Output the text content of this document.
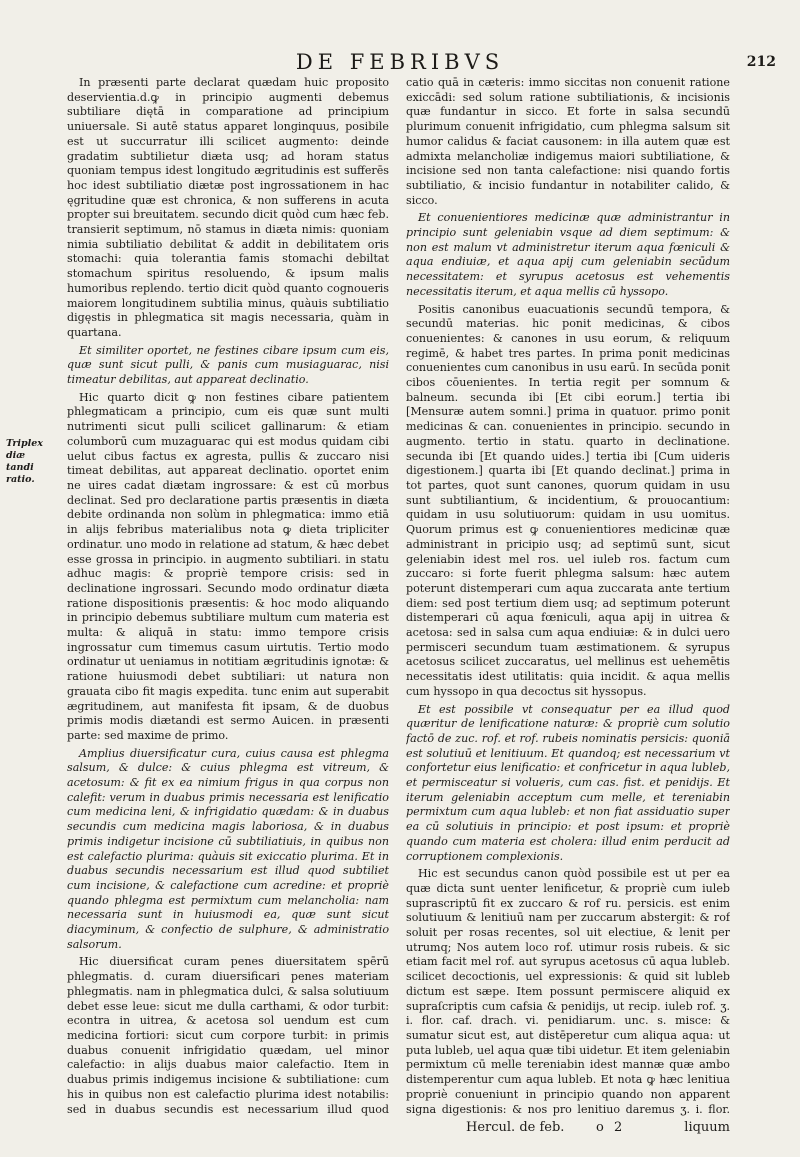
DE FEBRIBVS	212
Triplex diæ tandi ratio.

In præsenti parte declarat quædam huic proposito deservientia.d.ꝙ in principio augmenti debemus subtiliare diętā in comparatione ad principium uniuersale. Si autē status apparet longinquus, posibile est ut succurratur illi scilicet augmento: deinde gradatim subtilietur diæta usq; ad horam status quoniam tempus idest longitudo ægritudinis est sufferēs hoc idest subtiliatio diætæ post ingrossationem in hac ęgritudine quæ est chronica, & non sufferens in acuta propter sui breuitatem. secundo dicit quòd cum hæc feb. transierit septimum, nō stamus in diæta nimis: quoniam nimia subtiliatio debilitat & addit in debilitatem oris stomachi: quia tolerantia famis stomachi debiltat stomachum spiritus resoluendo, & ipsum malis humoribus replendo. tertio dicit quòd quanto cognoueris maiorem longitudinem subtilia minus, quàuis subtiliatio digęstis in phlegmatica sit magis necessaria, quàm in quartana.

Et similiter oportet, ne festines cibare ipsum cum eis, quæ sunt sicut pulli, & panis cum musiaguarac, nisi timeatur debilitas, aut appareat declinatio.

Hic quarto dicit ꝙ non festines cibare patientem phlegmaticam a principio, cum eis quæ sunt multi nutrimenti sicut pulli scilicet gallinarum: & etiam columborū cum muzaguarac qui est modus quidam cibi uelut cibus factus ex agresta, pullis & zuccaro nisi timeat debilitas, aut appareat declinatio. oportet enim ne uires cadat diætam ingrossare: & est cū morbus declinat. Sed pro declaratione partis præsentis in diæta debite ordinanda non solùm in phlegmatica: immo etiā in alijs febribus materialibus nota ꝙ dieta tripliciter ordinatur. uno modo in relatione ad statum, & hæc debet esse grossa in principio. in augmento subtiliari. in statu adhuc magis: & propriè tempore crisis: sed in declinatione ingrossari. Secundo modo ordinatur diæta ratione dispositionis præsentis: & hoc modo aliquando in principio debemus subtiliare multum cum materia est multa: & aliquā in statu: immo tempore crisis ingrossatur cum timemus casum uirtutis. Tertio modo ordinatur ut ueniamus in notitiam ægritudinis ignotæ: & ratione huiusmodi debet subtiliari: ut natura non grauata cibo fit magis expedita. tunc enim aut superabit ægritudinem, aut manifesta fit ipsam, & de duobus primis modis diætandi est sermo Auicen. in præsenti parte: sed maxime de primo.

Amplius diuersificatur cura, cuius causa est phlegma salsum, & dulce: & cuius phlegma est vitreum, & acetosum: & fit ex ea nimium frigus in qua corpus non calefit: verum in duabus primis necessaria est lenificatio cum medicina leni, & infrigidatio quædam: & in duabus secundis cum medicina magis laboriosa, & in duabus primis indigetur incisione cū subtiliatiuis, in quibus non est calefactio plurima: quàuis sit exiccatio plurima. Et in duabus secundis necessarium est illud quod subtiliet cum incisione, & calefactione cum acredine: et propriè quando phlegma est permixtum cum melancholia: nam necessaria sunt in huiusmodi ea, quæ sunt sicut diacyminum, & confectio de sulphure, & administratio salsorum.

Hic diuersificat curam penes diuersitatem spērū phlegmatis. d. curam diuersificari penes materiam phlegmatis. nam in phlegmatica dulci, & salsa solutiuum debet esse leue: sicut me dulla carthami, & odor turbit: econtra in uitrea, & acetosa sol uendum est cum medicina fortiori: sicut cum corpore turbit: in primis duabus conuenit infrigidatio quædam, uel minor calefactio: in alijs duabus maior calefactio. Item in duabus primis indigemus incisione & subtiliatione: cum his in quibus non est calefactio plurima idest notabilis: sed in duabus secundis est necessarium illud quod

catio quā in cæteris: immo siccitas non conuenit ratione exiccādi: sed solum ratione subtiliationis, & incisionis quæ fundantur in sicco. Et forte in salsa secundū plurimum conuenit infrigidatio, cum phlegma salsum sit humor calidus & faciat causonem: in illa autem quæ est admixta melancholiæ indigemus maiori subtiliatione, & incisione sed non tanta calefactione: nisi quando fortis subtiliatio, & incisio fundantur in notabiliter calido, & sicco.

Et conuenientiores medicinæ quæ administrantur in principio sunt geleniabin vsque ad diem septimum: & non est malum vt administretur iterum aqua fœniculi & aqua endiuiæ, et aqua apij cum geleniabin secūdum necessitatem: et syrupus acetosus est vehementis necessitatis iterum, et aqua mellis cū hyssopo.

Positis canonibus euacuationis secundū tempora, & secundū materias. hic ponit medicinas, & cibos conuenientes: & canones in usu eorum, & reliquum regimē, & habet tres partes. In prima ponit medicinas conuenientes cum canonibus in usu earū. In secūda ponit cibos cōuenientes. In tertia regit per somnum & balneum. secunda ibi [Et cibi eorum.] tertia ibi [Mensuræ autem somni.] prima in quatuor. primo ponit medicinas & can. conuenientes in principio. secundo in augmento. tertio in statu. quarto in declinatione. secunda ibi [Et quando uides.] tertia ibi [Cum uideris digestionem.] quarta ibi [Et quando declinat.] prima in tot partes, quot sunt canones, quorum quidam in usu sunt subtiliantium, & incidentium, & prouocantium: quidam in usu solutiuorum: quidam in usu uomitus. Quorum primus est ꝙ conuenientiores medicinæ quæ administrant in pricipio usq; ad septimū sunt, sicut geleniabin idest mel ros. uel iuleb ros. factum cum zuccaro: si forte fuerit phlegma salsum: hæc autem poterunt distemperari cum aqua zuccarata ante tertium diem: sed post tertium diem usq; ad septimum poterunt distemperari cū aqua fœniculi, aqua apij in uitrea & acetosa: sed in salsa cum aqua endiuiæ: & in dulci uero permisceri secundum tuam æstimationem. & syrupus acetosus scilicet zuccaratus, uel mellinus est uehemētis necessitatis idest utilitatis: quia incidit. & aqua mellis cum hyssopo in qua decoctus sit hyssopus.

Et est possibile vt consequatur per ea illud quod quæritur de lenificatione naturæ: & propriè cum solutio factō de zuc. rof. et rof. rubeis nominatis persicis: quoniā est solutiuū et lenitiuum. Et quandoq; est necessarium vt confortetur eius lenificatio: et confricetur in aqua lubleb, et permisceatur si volueris, cum cas. fist. et penidijs. Et iterum geleniabin acceptum cum melle, et tereniabin permixtum cum aqua lubleb: et non fiat assiduatio super ea cū solutiuis in principio: et post ipsum: et propriè quando cum materia est cholera: illud enim perducit ad corruptionem complexionis.

Hic est secundus canon quòd possibile est ut per ea quæ dicta sunt uenter lenificetur, & propriè cum iuleb suprascriptū fit ex zuccaro & rof ru. persicis. est enim solutiuum & lenitiuū nam per zuccarum abstergit: & rof soluit per rosas recentes, sol uit electiue, & lenit per utrumq; Nos autem loco rof. utimur rosis rubeis. & sic etiam facit mel rof. aut syrupus acetosus cū aqua lubleb. scilicet decoctionis, uel expressionis: & quid sit lubleb dictum est sæpe. Item possunt permiscere aliquid ex supraſcriptis cum cafsia & penidijs, ut recip. iuleb rof. ʒ. i. flor. caf. drach. vi. penidiarum. unc. s. misce: & sumatur sicut est, aut distēperetur cum aliqua aqua: ut puta lubleb, uel aqua quæ tibi uidetur. Et item geleniabin permixtum cū melle tereniabin idest mannæ quæ ambo distemperentur cum aqua lubleb. Et nota ꝙ hæc lenitiua propriè conueniunt in principio quando non apparent signa digestionis: & nos pro lenitiuo daremus ʒ. i. flor.

Hercul. de feb. o 2	liquum
